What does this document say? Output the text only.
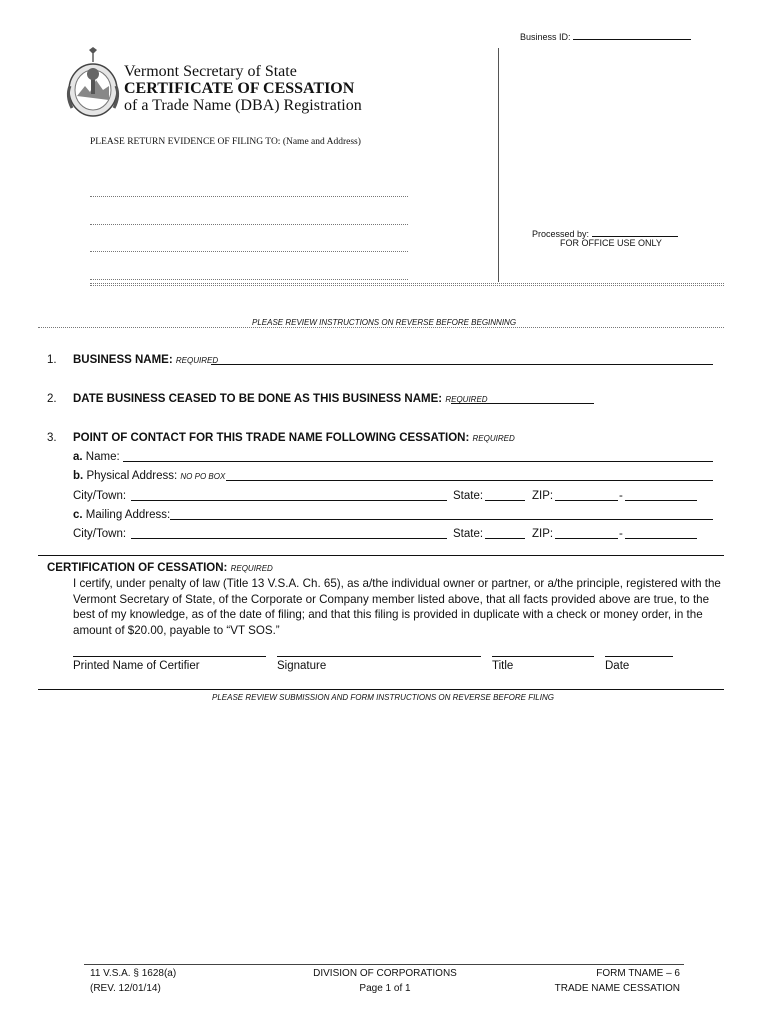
Business ID:
Vermont Secretary of State
CERTIFICATE OF CESSATION
of a Trade Name (DBA) Registration
PLEASE RETURN EVIDENCE OF FILING TO: (Name and Address)
Processed by:
FOR OFFICE USE ONLY
PLEASE REVIEW INSTRUCTIONS ON REVERSE BEFORE BEGINNING
1. BUSINESS NAME: REQUIRED
2. DATE BUSINESS CEASED TO BE DONE AS THIS BUSINESS NAME: REQUIRED
3. POINT OF CONTACT FOR THIS TRADE NAME FOLLOWING CESSATION: REQUIRED
a. Name:
b. Physical Address: NO PO BOX
City/Town:	State:	ZIP:	-
c. Mailing Address:
City/Town:	State:	ZIP:	-
CERTIFICATION OF CESSATION: REQUIRED
I certify, under penalty of law (Title 13 V.S.A. Ch. 65), as a/the individual owner or partner, or a/the principle, registered with the Vermont Secretary of State, of the Corporate or Company member listed above, that all facts provided above are true, to the best of my knowledge, as of the date of filing; and that this filing is provided in duplicate with a check or money order, in the amount of $20.00, payable to “VT SOS.”
Printed Name of Certifier	Signature	Title	Date
PLEASE REVIEW SUBMISSION AND FORM INSTRUCTIONS ON REVERSE BEFORE FILING
11 V.S.A. § 1628(a)
(REV. 12/01/14)
DIVISION OF CORPORATIONS
Page 1 of 1
FORM TNAME – 6
TRADE NAME CESSATION
